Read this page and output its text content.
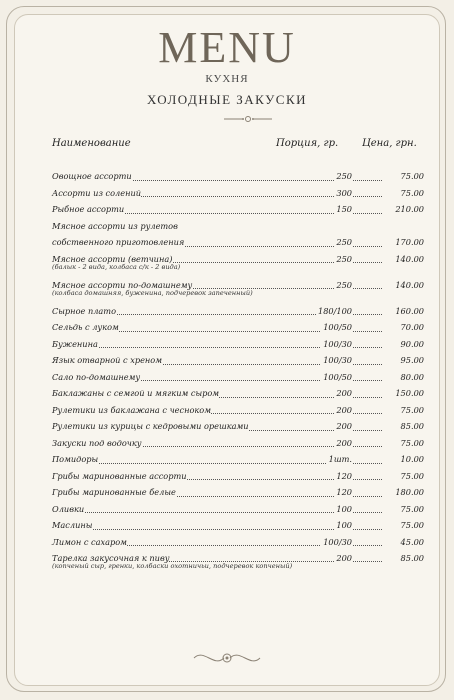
MENU
КУХНЯ
ХОЛОДНЫЕ ЗАКУСКИ
Наименование	Порция, гр. Цена, грн.
Овощное ассорти	250	75.00
Ассорти из солений	300	75.00
Рыбное ассорти	150	210.00
Мясное ассорти из рулетов
собственного приготовления	250	170.00
Мясное ассорти (ветчина)	250	140.00
(балык - 2 вида, колбаса с/к - 2 вида)
Мясное ассорти по-домашнему	250	140.00
(колбаса домашняя, буженина, подчеревок запеченный)
Сырное плато	180/100	160.00
Сельдь с луком	100/50	70.00
Буженина	100/30	90.00
Язык отварной с хреном	100/30	95.00
Сало по-домашнему	100/50	80.00
Баклажаны с семгой и мягким сыром	200	150.00
Рулетики из баклажана с чесноком	200	75.00
Рулетики из курицы с кедровыми орешками	200	85.00
Закуски под водочку	200	75.00
Помидоры	1шт.	10.00
Грибы маринованные ассорти	120	75.00
Грибы маринованные белые	120	180.00
Оливки	100	75.00
Маслины	100	75.00
Лимон с сахаром	100/30	45.00
Тарелка закусочная к пиву	200	85.00
(копченый сыр, гренки, колбаски охотничьи, подчеревок копченый)
